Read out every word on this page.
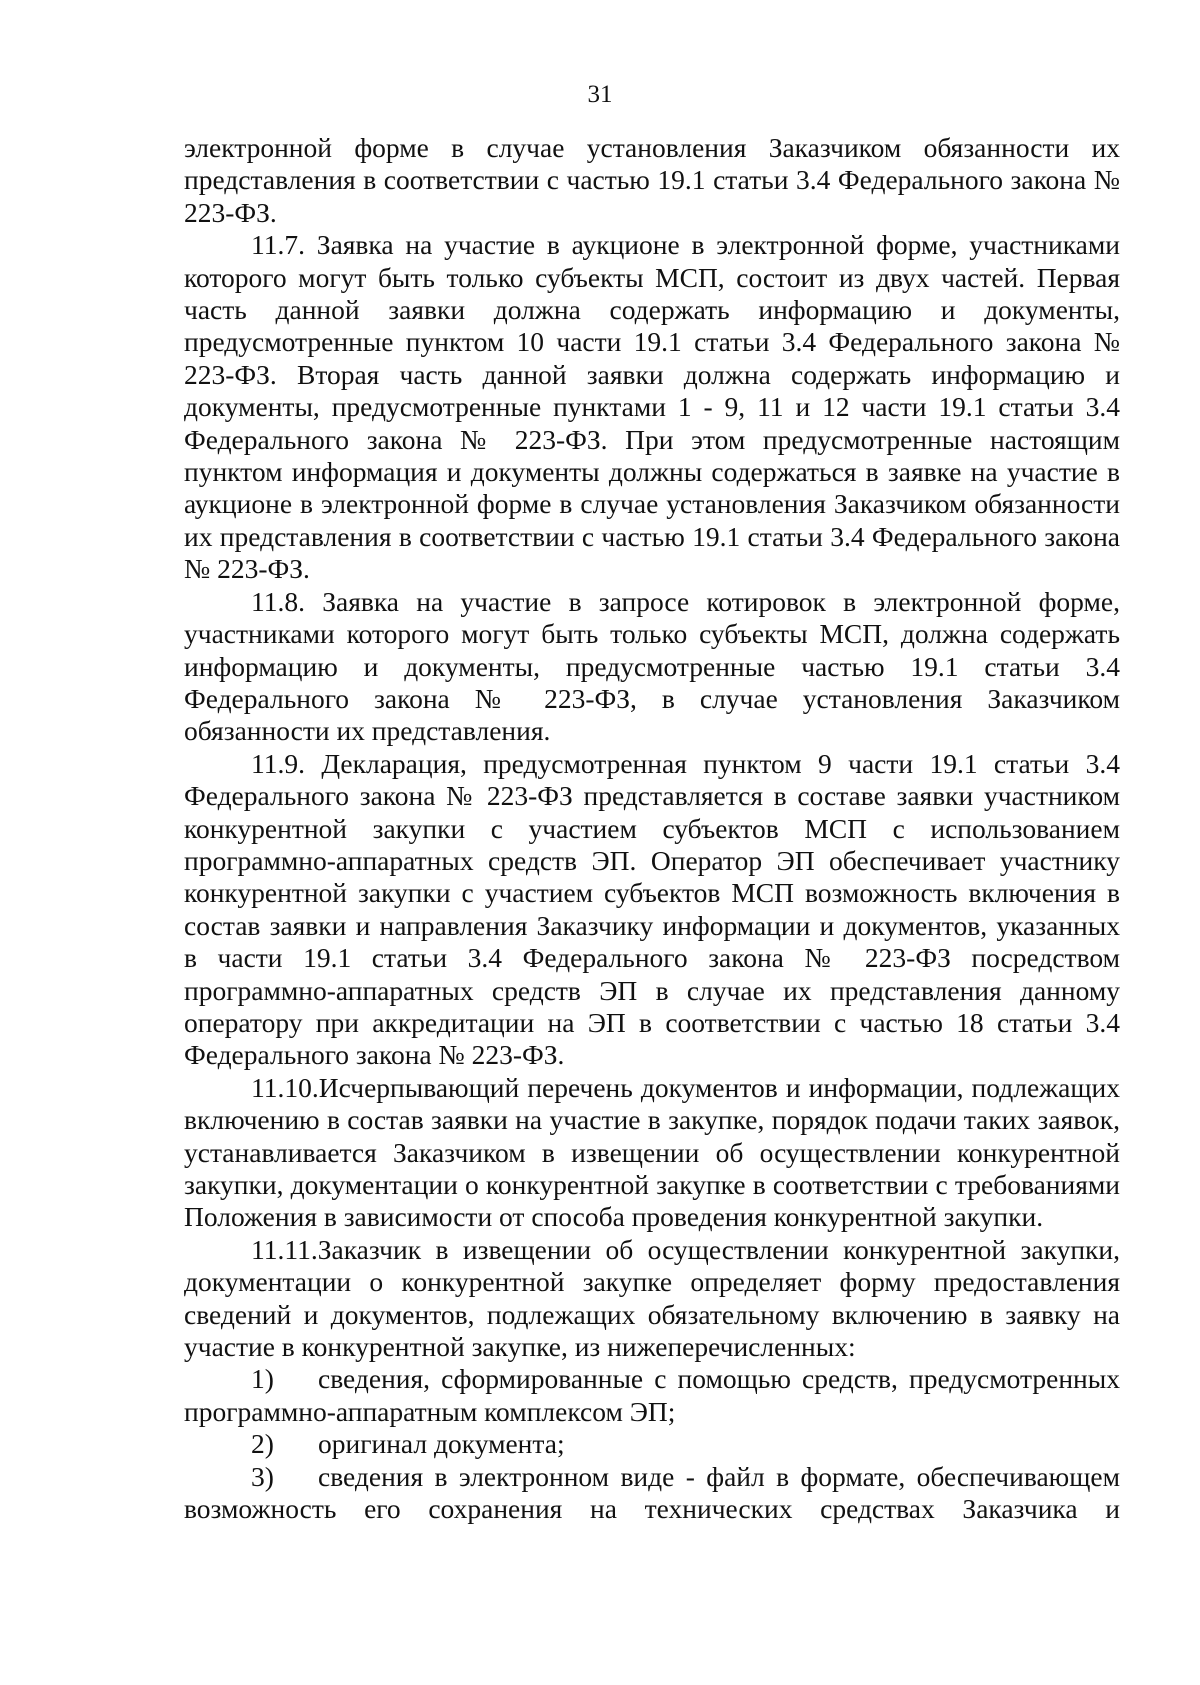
31

электронной форме в случае установления Заказчиком обязанности их представления в соответствии с частью 19.1 статьи 3.4 Федерального закона № 223-ФЗ.

11.7. Заявка на участие в аукционе в электронной форме, участниками которого могут быть только субъекты МСП, состоит из двух частей. Первая часть данной заявки должна содержать информацию и документы, предусмотренные пунктом 10 части 19.1 статьи 3.4 Федерального закона № 223-ФЗ. Вторая часть данной заявки должна содержать информацию и документы, предусмотренные пунктами 1 - 9, 11 и 12 части 19.1 статьи 3.4 Федерального закона № 223-ФЗ. При этом предусмотренные настоящим пунктом информация и документы должны содержаться в заявке на участие в аукционе в электронной форме в случае установления Заказчиком обязанности их представления в соответствии с частью 19.1 статьи 3.4 Федерального закона № 223-ФЗ.

11.8. Заявка на участие в запросе котировок в электронной форме, участниками которого могут быть только субъекты МСП, должна содержать информацию и документы, предусмотренные частью 19.1 статьи 3.4 Федерального закона № 223-ФЗ, в случае установления Заказчиком обязанности их представления.

11.9. Декларация, предусмотренная пунктом 9 части 19.1 статьи 3.4 Федерального закона № 223-ФЗ представляется в составе заявки участником конкурентной закупки с участием субъектов МСП с использованием программно-аппаратных средств ЭП. Оператор ЭП обеспечивает участнику конкурентной закупки с участием субъектов МСП возможность включения в состав заявки и направления Заказчику информации и документов, указанных в части 19.1 статьи 3.4 Федерального закона № 223-ФЗ посредством программно-аппаратных средств ЭП в случае их представления данному оператору при аккредитации на ЭП в соответствии с частью 18 статьи 3.4 Федерального закона № 223-ФЗ.

11.10.Исчерпывающий перечень документов и информации, подлежащих включению в состав заявки на участие в закупке, порядок подачи таких заявок, устанавливается Заказчиком в извещении об осуществлении конкурентной закупки, документации о конкурентной закупке в соответствии с требованиями Положения в зависимости от способа проведения конкурентной закупки.

11.11.Заказчик в извещении об осуществлении конкурентной закупки, документации о конкурентной закупке определяет форму предоставления сведений и документов, подлежащих обязательному включению в заявку на участие в конкурентной закупке, из нижеперечисленных:

1) сведения, сформированные с помощью средств, предусмотренных программно-аппаратным комплексом ЭП;
2) оригинал документа;
3) сведения в электронном виде - файл в формате, обеспечивающем возможность его сохранения на технических средствах Заказчика и
